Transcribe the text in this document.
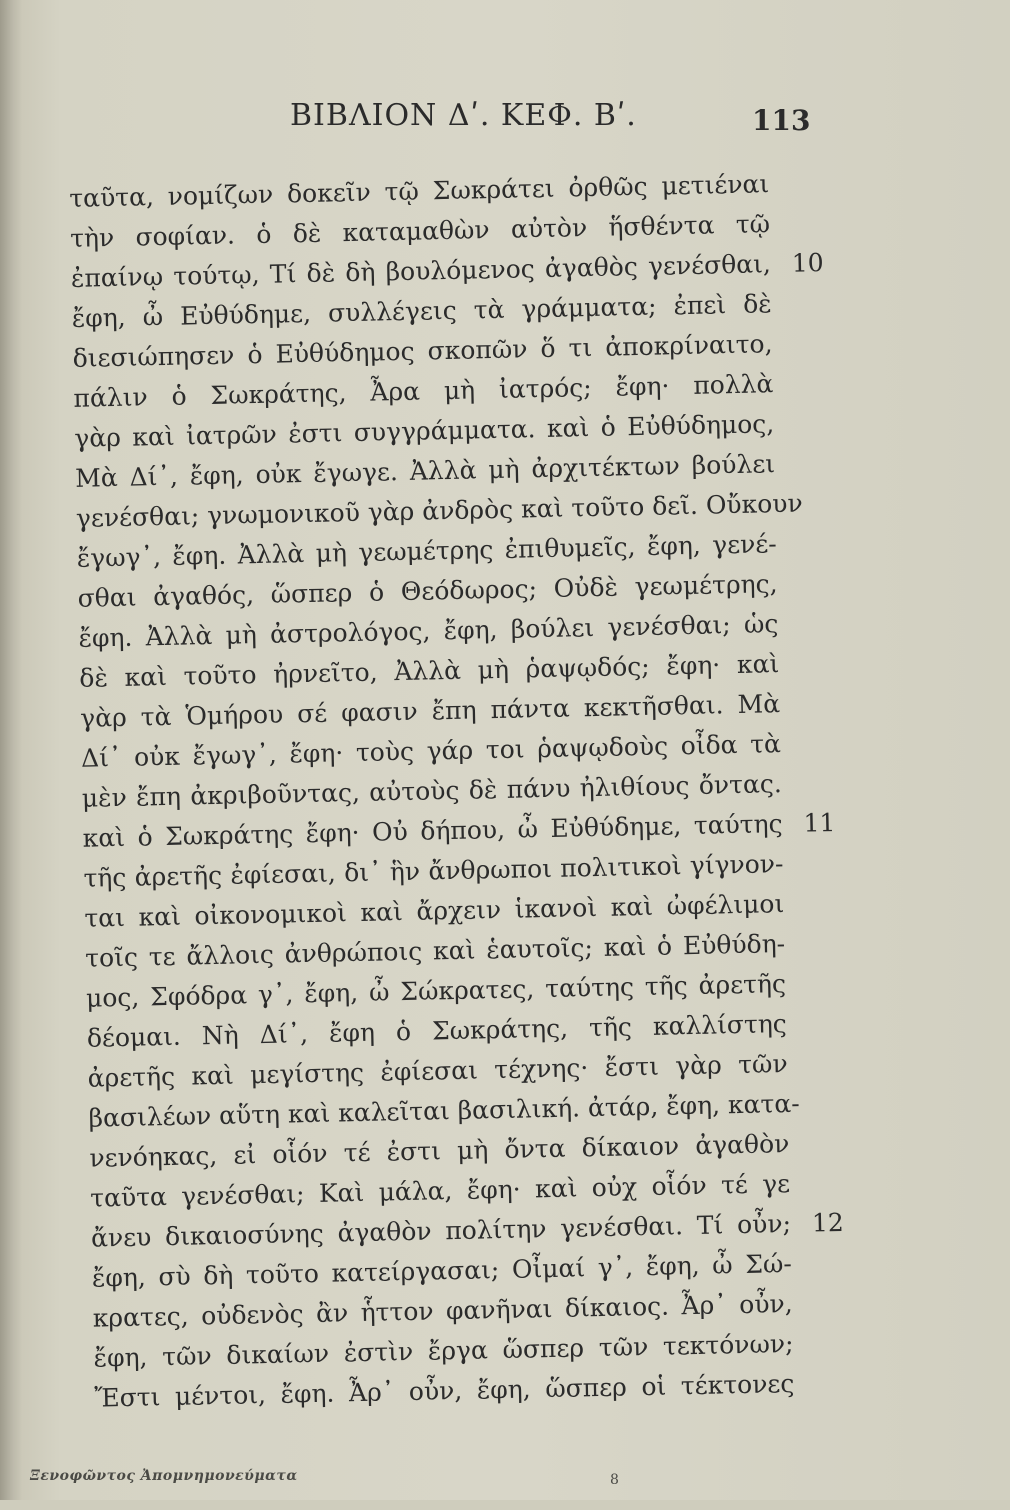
ΒΙΒΛΙΟΝ Δʹ. ΚΕΦ. Βʹ.	113
ταῦτα, νομίζων δοκεῖν τῷ Σωκράτει ὀρθῶς μετιέναι
τὴν σοφίαν. ὁ δὲ καταμαθὼν αὐτὸν ἥσθέντα τῷ
ἐπαίνῳ τούτῳ, Τί δὲ δὴ βουλόμενος ἀγαθὸς γενέσθαι, 10
ἔφη, ὦ Εὐθύδημε, συλλέγεις τὰ γράμματα; ἐπεὶ δὲ
διεσιώπησεν ὁ Εὐθύδημος σκοπῶν ὅ τι ἀποκρίναιτο,
πάλιν ὁ Σωκράτης, Ἆρα μὴ ἰατρός; ἔφη· πολλὰ
γὰρ καὶ ἰατρῶν ἐστι συγγράμματα. καὶ ὁ Εὐθύδημος,
Μὰ Δί᾽, ἔφη, οὐκ ἔγωγε. Ἀλλὰ μὴ ἀρχιτέκτων βούλει
γενέσθαι; γνωμονικοῦ γὰρ ἀνδρὸς καὶ τοῦτο δεῖ. Οὔκουν
ἔγωγ᾽, ἔφη. Ἀλλὰ μὴ γεωμέτρης ἐπιθυμεῖς, ἔφη, γενέ-
σθαι ἀγαθός, ὥσπερ ὁ Θεόδωρος; Οὐδὲ γεωμέτρης,
ἔφη. Ἀλλὰ μὴ ἀστρολόγος, ἔφη, βούλει γενέσθαι; ὡς
δὲ καὶ τοῦτο ἠρνεῖτο, Ἀλλὰ μὴ ῥαψῳδός; ἔφη· καὶ
γὰρ τὰ Ὁμήρου σέ φασιν ἔπη πάντα κεκτῆσθαι. Μὰ
Δί᾽ οὐκ ἔγωγ᾽, ἔφη· τοὺς γάρ τοι ῥαψῳδοὺς οἶδα τὰ
μὲν ἔπη ἀκριβοῦντας, αὐτοὺς δὲ πάνυ ἠλιθίους ὄντας.
καὶ ὁ Σωκράτης ἔφη· Οὐ δήπου, ὦ Εὐθύδημε, ταύτης 11
τῆς ἀρετῆς ἐφίεσαι, δι᾽ ἣν ἄνθρωποι πολιτικοὶ γίγνον-
ται καὶ οἰκονομικοὶ καὶ ἄρχειν ἱκανοὶ καὶ ὠφέλιμοι
τοῖς τε ἄλλοις ἀνθρώποις καὶ ἑαυτοῖς; καὶ ὁ Εὐθύδη-
μος, Σφόδρα γ᾽, ἔφη, ὦ Σώκρατες, ταύτης τῆς ἀρετῆς
δέομαι. Νὴ Δί᾽, ἔφη ὁ Σωκράτης, τῆς καλλίστης
ἀρετῆς καὶ μεγίστης ἐφίεσαι τέχνης· ἔστι γὰρ τῶν
βασιλέων αὕτη καὶ καλεῖται βασιλική. ἀτάρ, ἔφη, κατα-
νενόηκας, εἰ οἷόν τέ ἐστι μὴ ὄντα δίκαιον ἀγαθὸν
ταῦτα γενέσθαι; Καὶ μάλα, ἔφη· καὶ οὐχ οἷόν τέ γε
ἄνευ δικαιοσύνης ἀγαθὸν πολίτην γενέσθαι. Τί οὖν; 12
ἔφη, σὺ δὴ τοῦτο κατείργασαι; Οἶμαί γ᾽, ἔφη, ὦ Σώ-
κρατες, οὐδενὸς ἂν ἧττον φανῆναι δίκαιος. Ἆρ᾽ οὖν,
ἔφη, τῶν δικαίων ἐστὶν ἔργα ὥσπερ τῶν τεκτόνων;
Ἔστι μέντοι, ἔφη. Ἆρ᾽ οὖν, ἔφη, ὥσπερ οἱ τέκτονες
Ξενοφῶντος Ἀπομνημονεύματα	8
